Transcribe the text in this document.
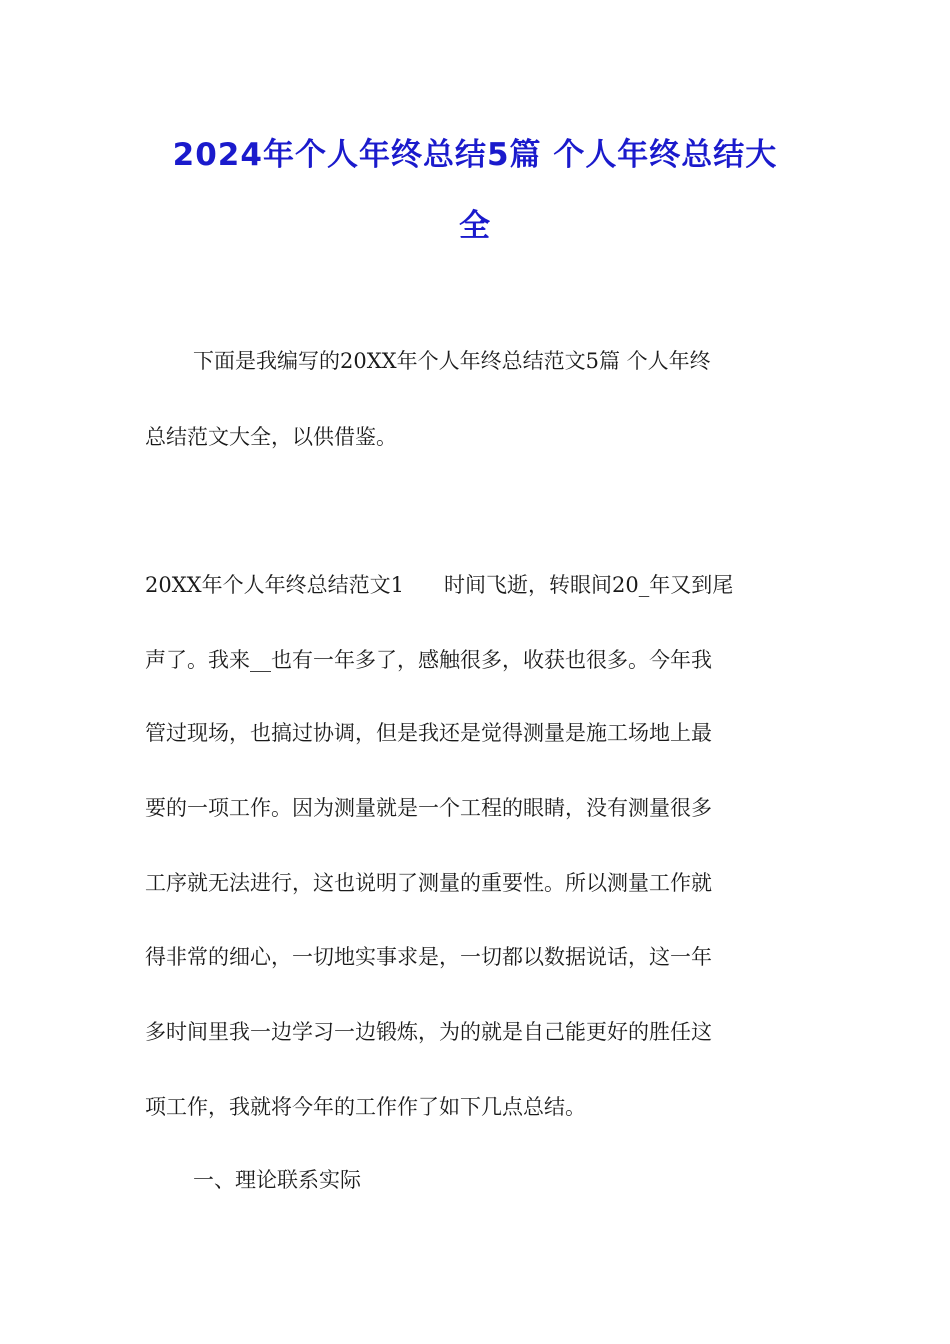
2024年个人年终总结5篇 个人年终总结大
全

下面是我编写的20XX年个人年终总结范文5篇 个人年终

总结范文大全，以供借鉴。

20XX年个人年终总结范文1      时间飞逝，转眼间20_年又到尾

声了。我来__也有一年多了，感触很多，收获也很多。今年我

管过现场，也搞过协调，但是我还是觉得测量是施工场地上最

要的一项工作。因为测量就是一个工程的眼睛，没有测量很多

工序就无法进行，这也说明了测量的重要性。所以测量工作就

得非常的细心，一切地实事求是，一切都以数据说话，这一年

多时间里我一边学习一边锻炼，为的就是自己能更好的胜任这

项工作，我就将今年的工作作了如下几点总结。

一、理论联系实际
